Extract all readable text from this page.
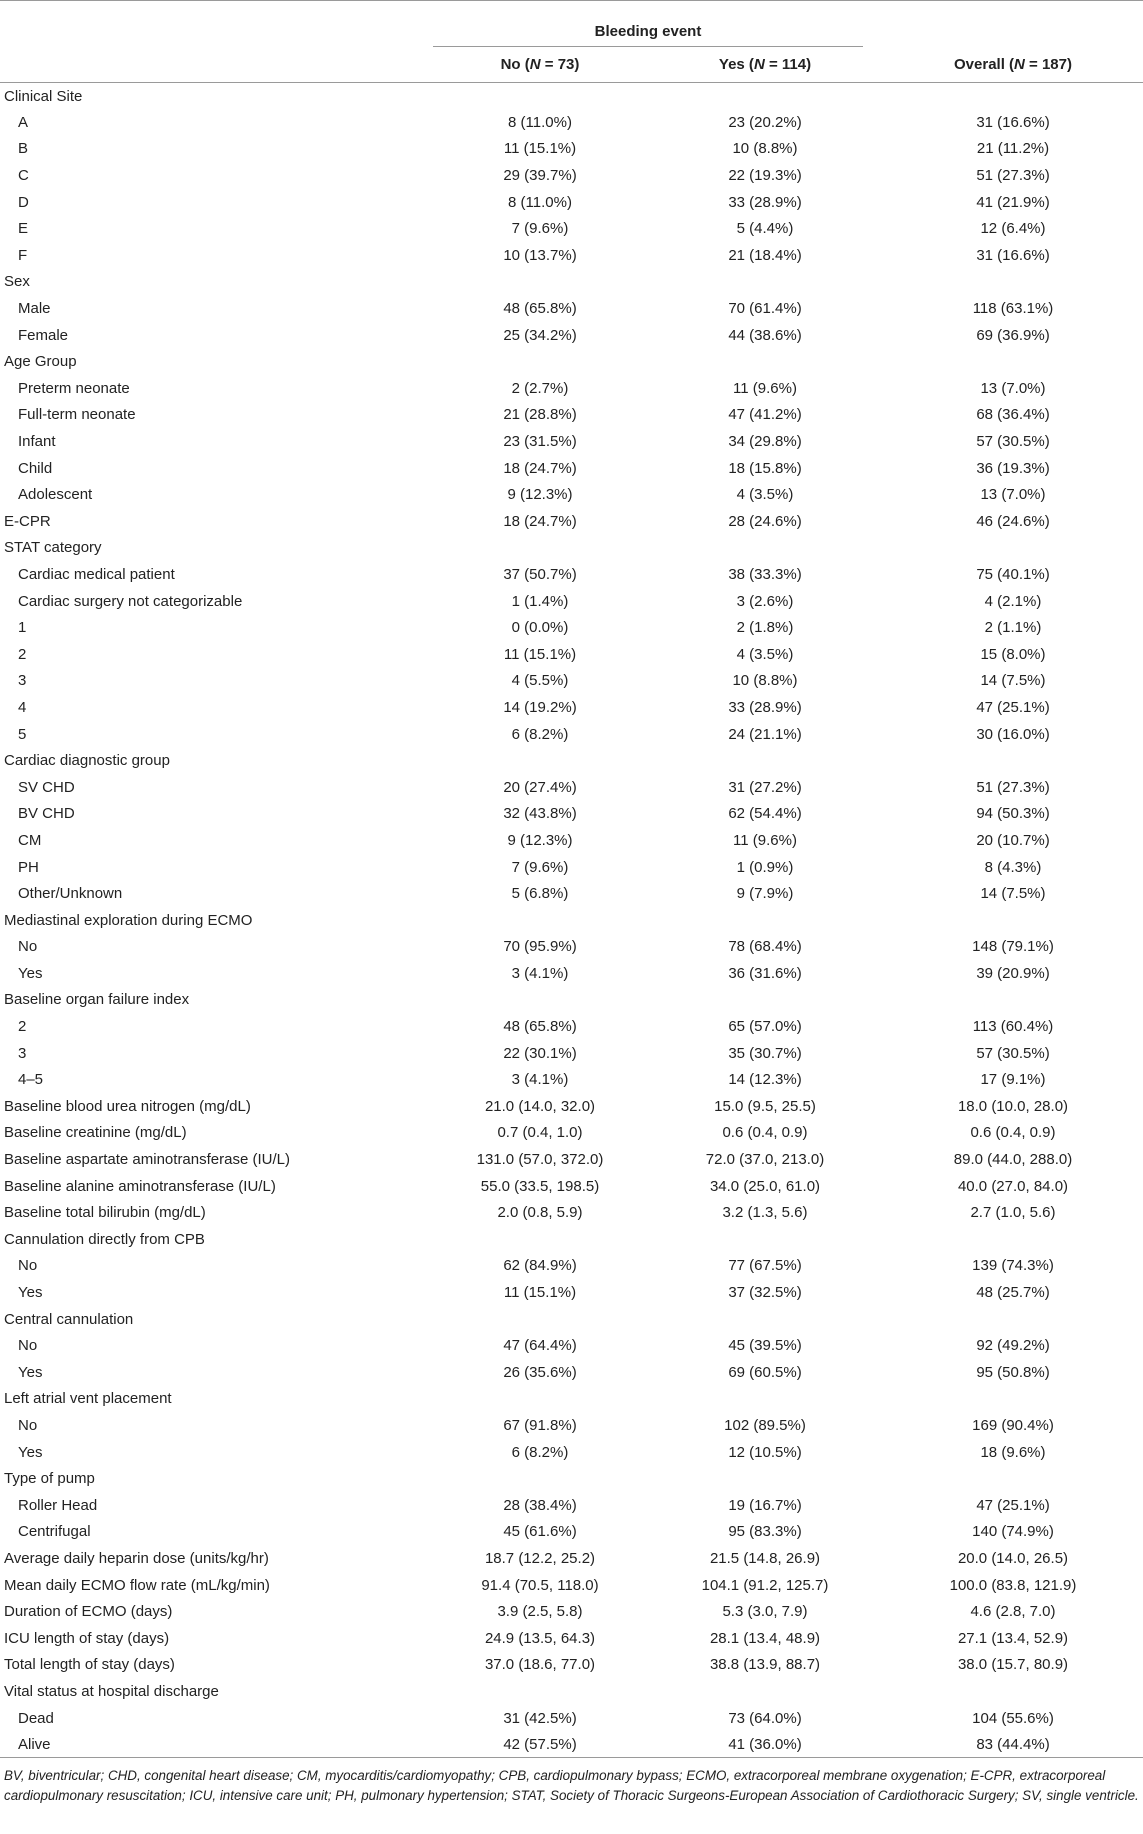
	Bleeding event		

	No (N = 73)	Yes (N = 114)	Overall (N = 187)
Clinical Site			
A	8 (11.0%)	23 (20.2%)	31 (16.6%)
B	11 (15.1%)	10 (8.8%)	21 (11.2%)
C	29 (39.7%)	22 (19.3%)	51 (27.3%)
D	8 (11.0%)	33 (28.9%)	41 (21.9%)
E	7 (9.6%)	5 (4.4%)	12 (6.4%)
F	10 (13.7%)	21 (18.4%)	31 (16.6%)
Sex			
Male	48 (65.8%)	70 (61.4%)	118 (63.1%)
Female	25 (34.2%)	44 (38.6%)	69 (36.9%)
Age Group			
Preterm neonate	2 (2.7%)	11 (9.6%)	13 (7.0%)
Full-term neonate	21 (28.8%)	47 (41.2%)	68 (36.4%)
Infant	23 (31.5%)	34 (29.8%)	57 (30.5%)
Child	18 (24.7%)	18 (15.8%)	36 (19.3%)
Adolescent	9 (12.3%)	4 (3.5%)	13 (7.0%)
E-CPR	18 (24.7%)	28 (24.6%)	46 (24.6%)
STAT category			
Cardiac medical patient	37 (50.7%)	38 (33.3%)	75 (40.1%)
Cardiac surgery not categorizable	1 (1.4%)	3 (2.6%)	4 (2.1%)
1	0 (0.0%)	2 (1.8%)	2 (1.1%)
2	11 (15.1%)	4 (3.5%)	15 (8.0%)
3	4 (5.5%)	10 (8.8%)	14 (7.5%)
4	14 (19.2%)	33 (28.9%)	47 (25.1%)
5	6 (8.2%)	24 (21.1%)	30 (16.0%)
Cardiac diagnostic group			
SV CHD	20 (27.4%)	31 (27.2%)	51 (27.3%)
BV CHD	32 (43.8%)	62 (54.4%)	94 (50.3%)
CM	9 (12.3%)	11 (9.6%)	20 (10.7%)
PH	7 (9.6%)	1 (0.9%)	8 (4.3%)
Other/Unknown	5 (6.8%)	9 (7.9%)	14 (7.5%)
Mediastinal exploration during ECMO			
No	70 (95.9%)	78 (68.4%)	148 (79.1%)
Yes	3 (4.1%)	36 (31.6%)	39 (20.9%)
Baseline organ failure index			
2	48 (65.8%)	65 (57.0%)	113 (60.4%)
3	22 (30.1%)	35 (30.7%)	57 (30.5%)
4–5	3 (4.1%)	14 (12.3%)	17 (9.1%)
Baseline blood urea nitrogen (mg/dL)	21.0 (14.0, 32.0)	15.0 (9.5, 25.5)	18.0 (10.0, 28.0)
Baseline creatinine (mg/dL)	0.7 (0.4, 1.0)	0.6 (0.4, 0.9)	0.6 (0.4, 0.9)
Baseline aspartate aminotransferase (IU/L)	131.0 (57.0, 372.0)	72.0 (37.0, 213.0)	89.0 (44.0, 288.0)
Baseline alanine aminotransferase (IU/L)	55.0 (33.5, 198.5)	34.0 (25.0, 61.0)	40.0 (27.0, 84.0)
Baseline total bilirubin (mg/dL)	2.0 (0.8, 5.9)	3.2 (1.3, 5.6)	2.7 (1.0, 5.6)
Cannulation directly from CPB			
No	62 (84.9%)	77 (67.5%)	139 (74.3%)
Yes	11 (15.1%)	37 (32.5%)	48 (25.7%)
Central cannulation			
No	47 (64.4%)	45 (39.5%)	92 (49.2%)
Yes	26 (35.6%)	69 (60.5%)	95 (50.8%)
Left atrial vent placement			
No	67 (91.8%)	102 (89.5%)	169 (90.4%)
Yes	6 (8.2%)	12 (10.5%)	18 (9.6%)
Type of pump			
Roller Head	28 (38.4%)	19 (16.7%)	47 (25.1%)
Centrifugal	45 (61.6%)	95 (83.3%)	140 (74.9%)
Average daily heparin dose (units/kg/hr)	18.7 (12.2, 25.2)	21.5 (14.8, 26.9)	20.0 (14.0, 26.5)
Mean daily ECMO flow rate (mL/kg/min)	91.4 (70.5, 118.0)	104.1 (91.2, 125.7)	100.0 (83.8, 121.9)
Duration of ECMO (days)	3.9 (2.5, 5.8)	5.3 (3.0, 7.9)	4.6 (2.8, 7.0)
ICU length of stay (days)	24.9 (13.5, 64.3)	28.1 (13.4, 48.9)	27.1 (13.4, 52.9)
Total length of stay (days)	37.0 (18.6, 77.0)	38.8 (13.9, 88.7)	38.0 (15.7, 80.9)
Vital status at hospital discharge			
Dead	31 (42.5%)	73 (64.0%)	104 (55.6%)
Alive	42 (57.5%)	41 (36.0%)	83 (44.4%)

BV, biventricular; CHD, congenital heart disease; CM, myocarditis/cardiomyopathy; CPB, cardiopulmonary bypass; ECMO, extracorporeal membrane oxygenation; E-CPR, extracorporeal cardiopulmonary resuscitation; ICU, intensive care unit; PH, pulmonary hypertension; STAT, Society of Thoracic Surgeons-European Association of Cardiothoracic Surgery; SV, single ventricle.
